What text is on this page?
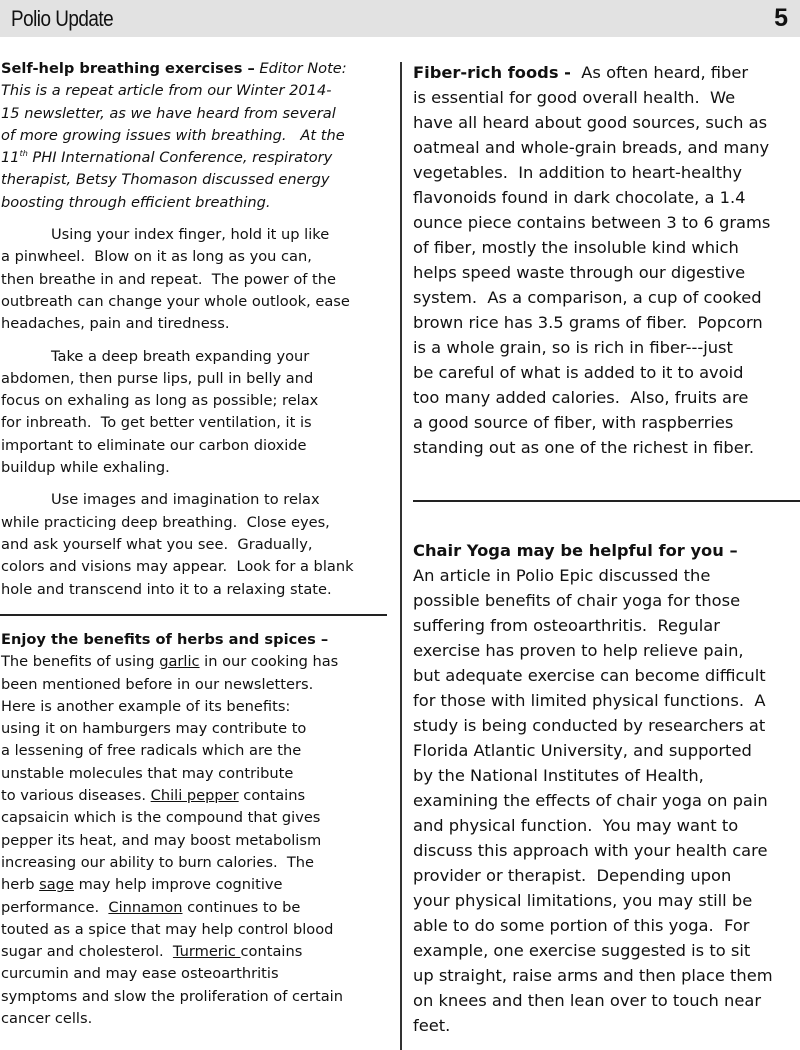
Polio Update	5

Self-help breathing exercises – Editor Note:
This is a repeat article from our Winter 2014-
15 newsletter, as we have heard from several
of more growing issues with breathing.   At the
11th PHI International Conference, respiratory
therapist, Betsy Thomason discussed energy
boosting through efficient breathing.

Using your index finger, hold it up like
a pinwheel.  Blow on it as long as you can,
then breathe in and repeat.  The power of the
outbreath can change your whole outlook, ease
headaches, pain and tiredness.

Take a deep breath expanding your
abdomen, then purse lips, pull in belly and
focus on exhaling as long as possible; relax
for inbreath.  To get better ventilation, it is
important to eliminate our carbon dioxide
buildup while exhaling.

Use images and imagination to relax
while practicing deep breathing.  Close eyes,
and ask yourself what you see.  Gradually,
colors and visions may appear.  Look for a blank
hole and transcend into it to a relaxing state.

Enjoy the benefits of herbs and spices –
The benefits of using garlic in our cooking has
been mentioned before in our newsletters.
Here is another example of its benefits:
using it on hamburgers may contribute to
a lessening of free radicals which are the
unstable molecules that may contribute
to various diseases. Chili pepper contains
capsaicin which is the compound that gives
pepper its heat, and may boost metabolism
increasing our ability to burn calories.  The
herb sage may help improve cognitive
performance.  Cinnamon continues to be
touted as a spice that may help control blood
sugar and cholesterol.  Turmeric contains
curcumin and may ease osteoarthritis
symptoms and slow the proliferation of certain
cancer cells.
Fiber-rich foods -  As often heard, fiber
is essential for good overall health.  We
have all heard about good sources, such as
oatmeal and whole-grain breads, and many
vegetables.  In addition to heart-healthy
flavonoids found in dark chocolate, a 1.4
ounce piece contains between 3 to 6 grams
of fiber, mostly the insoluble kind which
helps speed waste through our digestive
system.  As a comparison, a cup of cooked
brown rice has 3.5 grams of fiber.  Popcorn
is a whole grain, so is rich in fiber---just
be careful of what is added to it to avoid
too many added calories.  Also, fruits are
a good source of fiber, with raspberries
standing out as one of the richest in fiber.
Chair Yoga may be helpful for you –
An article in Polio Epic discussed the
possible benefits of chair yoga for those
suffering from osteoarthritis.  Regular
exercise has proven to help relieve pain,
but adequate exercise can become difficult
for those with limited physical functions.  A
study is being conducted by researchers at
Florida Atlantic University, and supported
by the National Institutes of Health,
examining the effects of chair yoga on pain
and physical function.  You may want to
discuss this approach with your health care
provider or therapist.  Depending upon
your physical limitations, you may still be
able to do some portion of this yoga.  For
example, one exercise suggested is to sit
up straight, raise arms and then place them
on knees and then lean over to touch near
feet.
